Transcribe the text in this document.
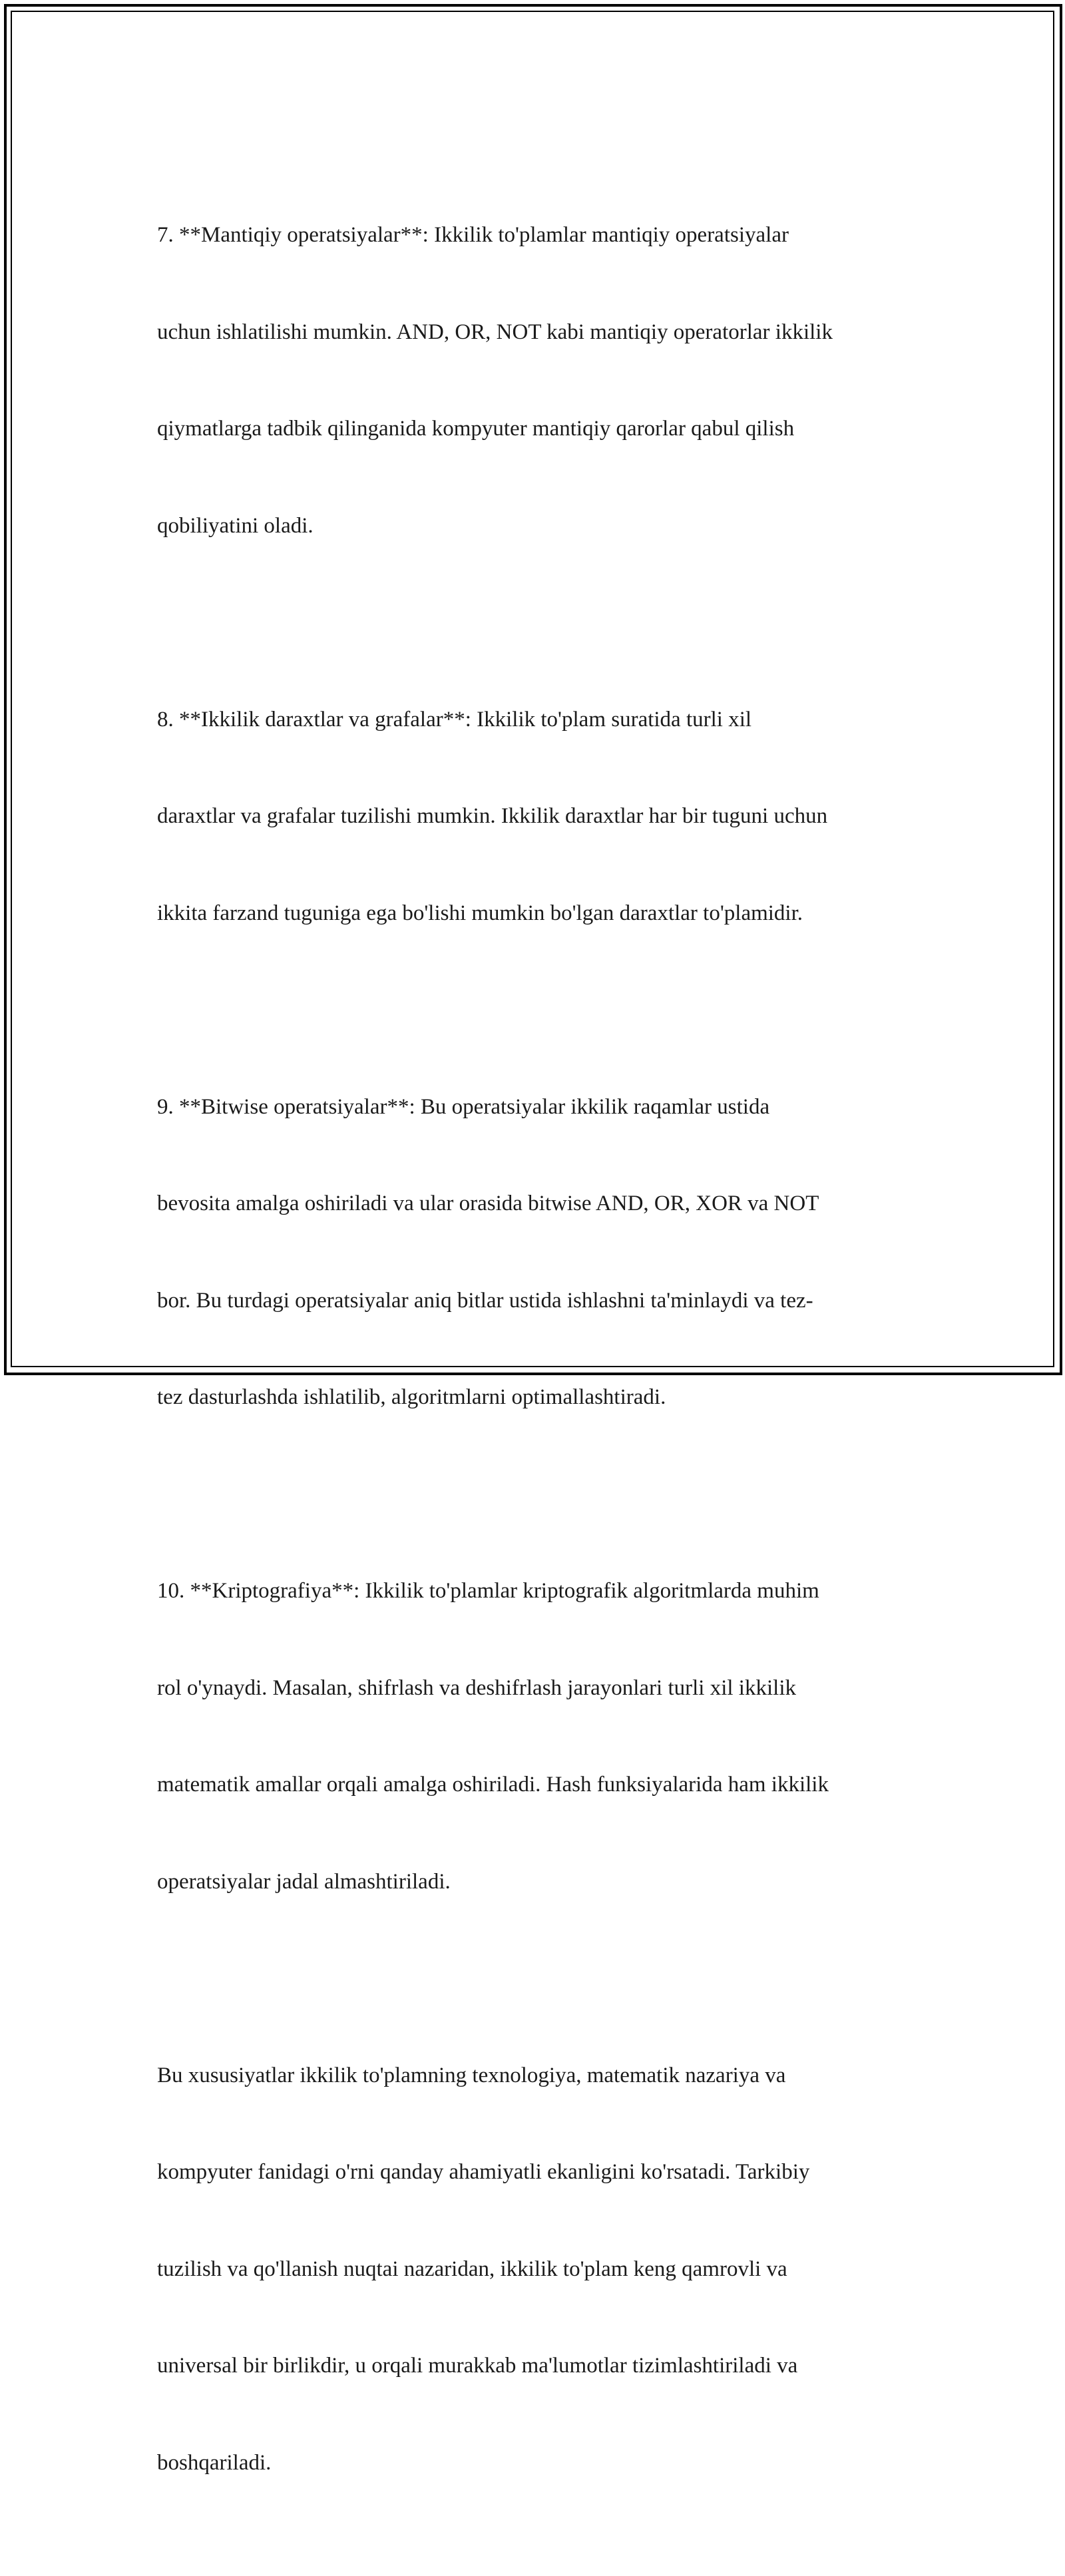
7. **Mantiqiy operatsiyalar**: Ikkilik to'plamlar mantiqiy operatsiyalar

uchun ishlatilishi mumkin. AND, OR, NOT kabi mantiqiy operatorlar ikkilik

qiymatlarga tadbik qilinganida kompyuter mantiqiy qarorlar qabul qilish

qobiliyatini oladi.

8. **Ikkilik daraxtlar va grafalar**: Ikkilik to'plam suratida turli xil

daraxtlar va grafalar tuzilishi mumkin. Ikkilik daraxtlar har bir tuguni uchun

ikkita farzand tuguniga ega bo'lishi mumkin bo'lgan daraxtlar to'plamidir.

9. **Bitwise operatsiyalar**: Bu operatsiyalar ikkilik raqamlar ustida

bevosita amalga oshiriladi va ular orasida bitwise AND, OR, XOR va NOT

bor. Bu turdagi operatsiyalar aniq bitlar ustida ishlashni ta'minlaydi va tez-

tez dasturlashda ishlatilib, algoritmlarni optimallashtiradi.

10. **Kriptografiya**: Ikkilik to'plamlar kriptografik algoritmlarda muhim

rol o'ynaydi. Masalan, shifrlash va deshifrlash jarayonlari turli xil ikkilik

matematik amallar orqali amalga oshiriladi. Hash funksiyalarida ham ikkilik

operatsiyalar jadal almashtiriladi.

Bu xususiyatlar ikkilik to'plamning texnologiya, matematik nazariya va

kompyuter fanidagi o'rni qanday ahamiyatli ekanligini ko'rsatadi. Tarkibiy

tuzilish va qo'llanish nuqtai nazaridan, ikkilik to'plam keng qamrovli va

universal bir birlikdir, u orqali murakkab ma'lumotlar tizimlashtiriladi va

boshqariladi.
